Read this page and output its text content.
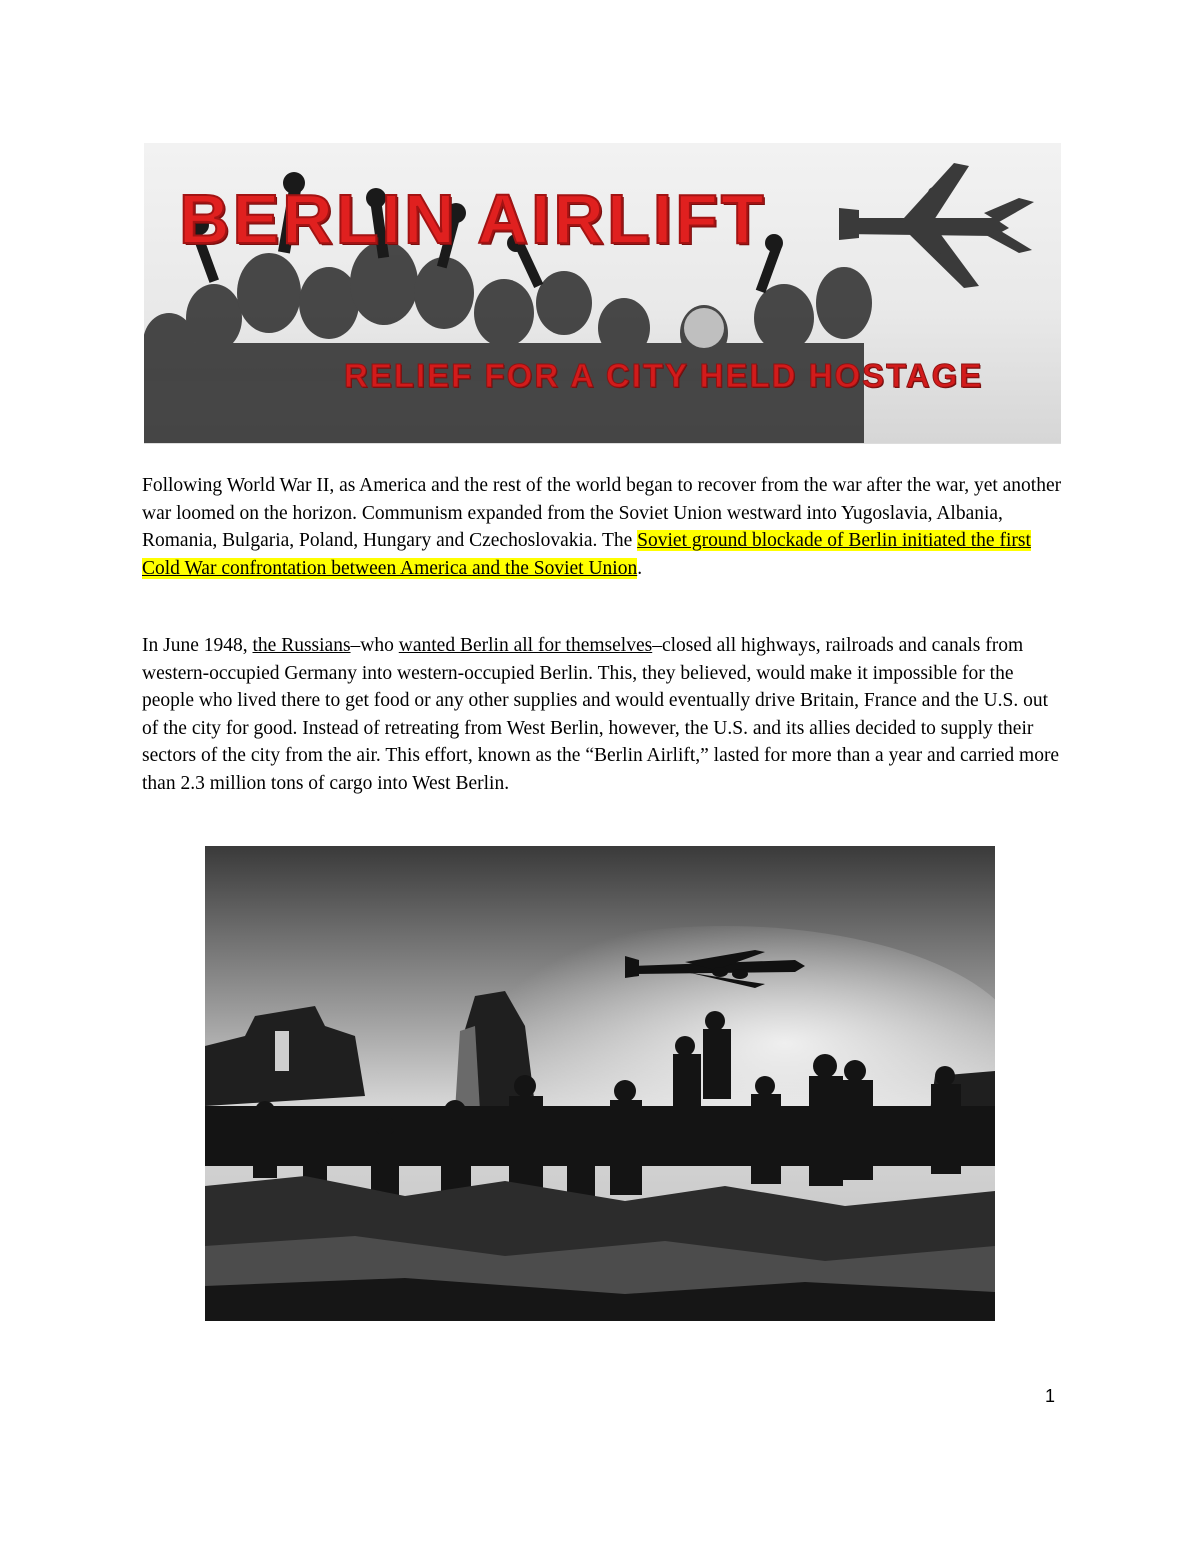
BERLIN AIRLIFT
RELIEF FOR A CITY HELD HOSTAGE

Following World War II, as America and the rest of the world began to recover from the war after the war, yet another war loomed on the horizon. Communism expanded from the Soviet Union westward into Yugoslavia, Albania, Romania, Bulgaria, Poland, Hungary and Czechoslovakia. The Soviet ground blockade of Berlin initiated the first Cold War confrontation between America and the Soviet Union.

In June 1948, the Russians–who wanted Berlin all for themselves–closed all highways, railroads and canals from western-occupied Germany into western-occupied Berlin. This, they believed, would make it impossible for the people who lived there to get food or any other supplies and would eventually drive Britain, France and the U.S. out of the city for good. Instead of retreating from West Berlin, however, the U.S. and its allies decided to supply their sectors of the city from the air. This effort, known as the “Berlin Airlift,” lasted for more than a year and carried more than 2.3 million tons of cargo into West Berlin.

1
